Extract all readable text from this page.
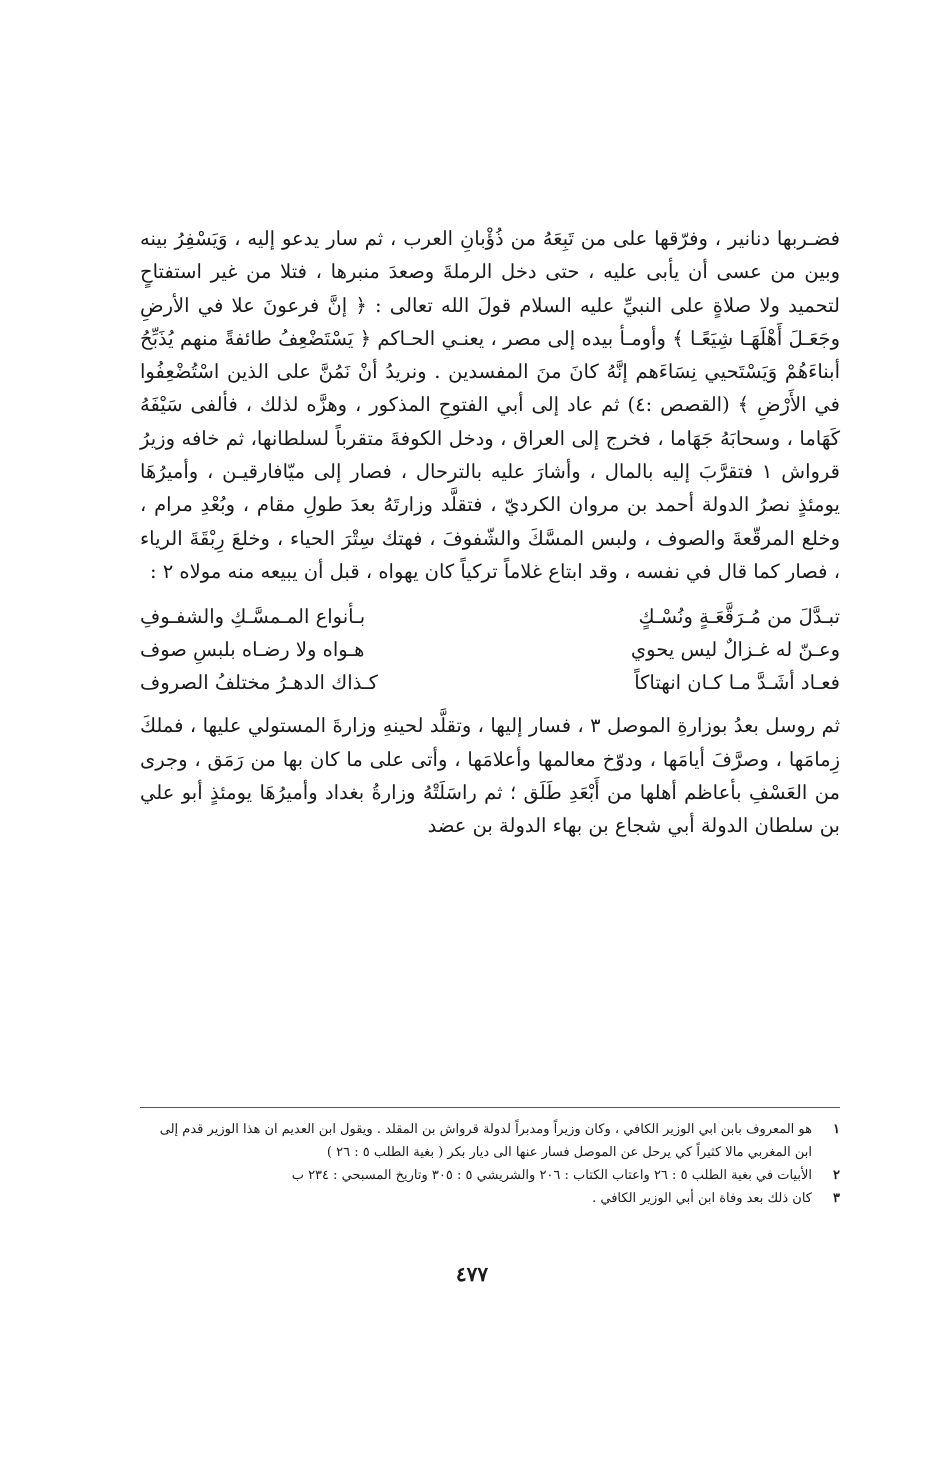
فضـربها دنانير ، وفرّقها على من تَبِعَهُ من ذُؤْبانِ العرب ، ثم سار يدعو إليه ، وَيَسْفِرُ بينه وبين من عسى أن يأبى عليه ، حتى دخل الرملةَ وصعدَ منبرها ، فتلا من غير استفتاحٍ لتحميد ولا صلاةٍ على النبيِّ عليه السلام قولَ الله تعالى : ﴿ إنَّ فرعونَ علا في الأرضِ وجَعَـلَ أَهْلَهَـا شِيَعًـا ﴾ وأومـأ بيده إلى مصر ، يعنـي الحـاكم ﴿ يَسْتَضْعِفُ طائفةً منهم يُذَبِّحُ أبناءَهُمْ وَيَسْتَحيي نِسَاءَهم إنَّهُ كانَ منَ المفسدين . ونريدُ أنْ نَمُنَّ على الذين اسْتُضْعِفُوا في الأَرْضِ ﴾ (القصص :٤) ثم عاد إلى أبي الفتوحِ المذكور ، وهزَّه لذلك ، فألفى سَيْفَهُ كَهَاما ، وسحابَهُ جَهَاما ، فخرج إلى العراق ، ودخل الكوفةَ متقرباً لسلطانها، ثم خافه وزيرُ قرواش ١ فتقرَّبَ إليه بالمال ، وأشارَ عليه بالترحال ، فصار إلى ميّافارقيـن ، وأميرُهَا يومئذٍ نصرُ الدولة أحمد بن مروان الكرديّ ، فتقلَّد وزارتَهُ بعدَ طولِ مقام ، وبُعْدِ مرام ، وخلع المرقّعةَ والصوف ، ولبس المسَّكَ والشّفوفَ ، فهتك سِتْرَ الحياء ، وخلعَ رِبْقَةَ الرياء ، فصار كما قال في نفسه ، وقد ابتاع غلاماً تركياً كان يهواه ، قبل أن يبيعه منه مولاه ٢ :

تبـدَّلَ من مُـرَقَّعَـةٍ ونُسْـكٍ
بـأنواع المـمسَّـكِ والشفـوفِ
وعـنّ له غـزالٌ ليس يحوي
هـواه ولا رضـاه بلبسِ صوف
فعـاد أشَـدَّ مـا كـان انهتاكاً
كـذاك الدهـرُ مختلفُ الصروف

ثم روسل بعدُ بوزارةِ الموصل ٣ ، فسار إليها ، وتقلَّد لحينهِ وزارةَ المستولي عليها ، فملكَ زِمامَها ، وصرَّفَ أيامَها ، ودوّخ معالمها وأعلامَها ، وأتى على ما كان بها من رَمَق ، وجرى من العَسْفِ بأعاظم أهلها من أَبْعَدِ طَلَق ؛ ثم راسَلَتْهُ وزارةُ بغداد وأميرُهَا يومئذٍ أبو علي بن سلطان الدولة أبي شجاع بن بهاء الدولة بن عضد

١
هو المعروف بابن ابي الوزير الكافي ، وكان وزيراً ومدبراً لدولة قرواش بن المقلد . ويقول ابن العديم ان هذا الوزير قدم إلى ابن المغربي مالا كثيراً كي يرحل عن الموصل فسار عنها الى ديار بكر ( بغية الطلب ٥ : ٢٦ )
٢
الأبيات في بغية الطلب ٥ : ٢٦ واعتاب الكتاب : ٢٠٦ والشريشي ٥ : ٣٠٥ وتاريخ المسبحي : ٢٣٤ ب
٣
كان ذلك بعد وفاة ابن أبي الوزير الكافي .
٤٧٧
